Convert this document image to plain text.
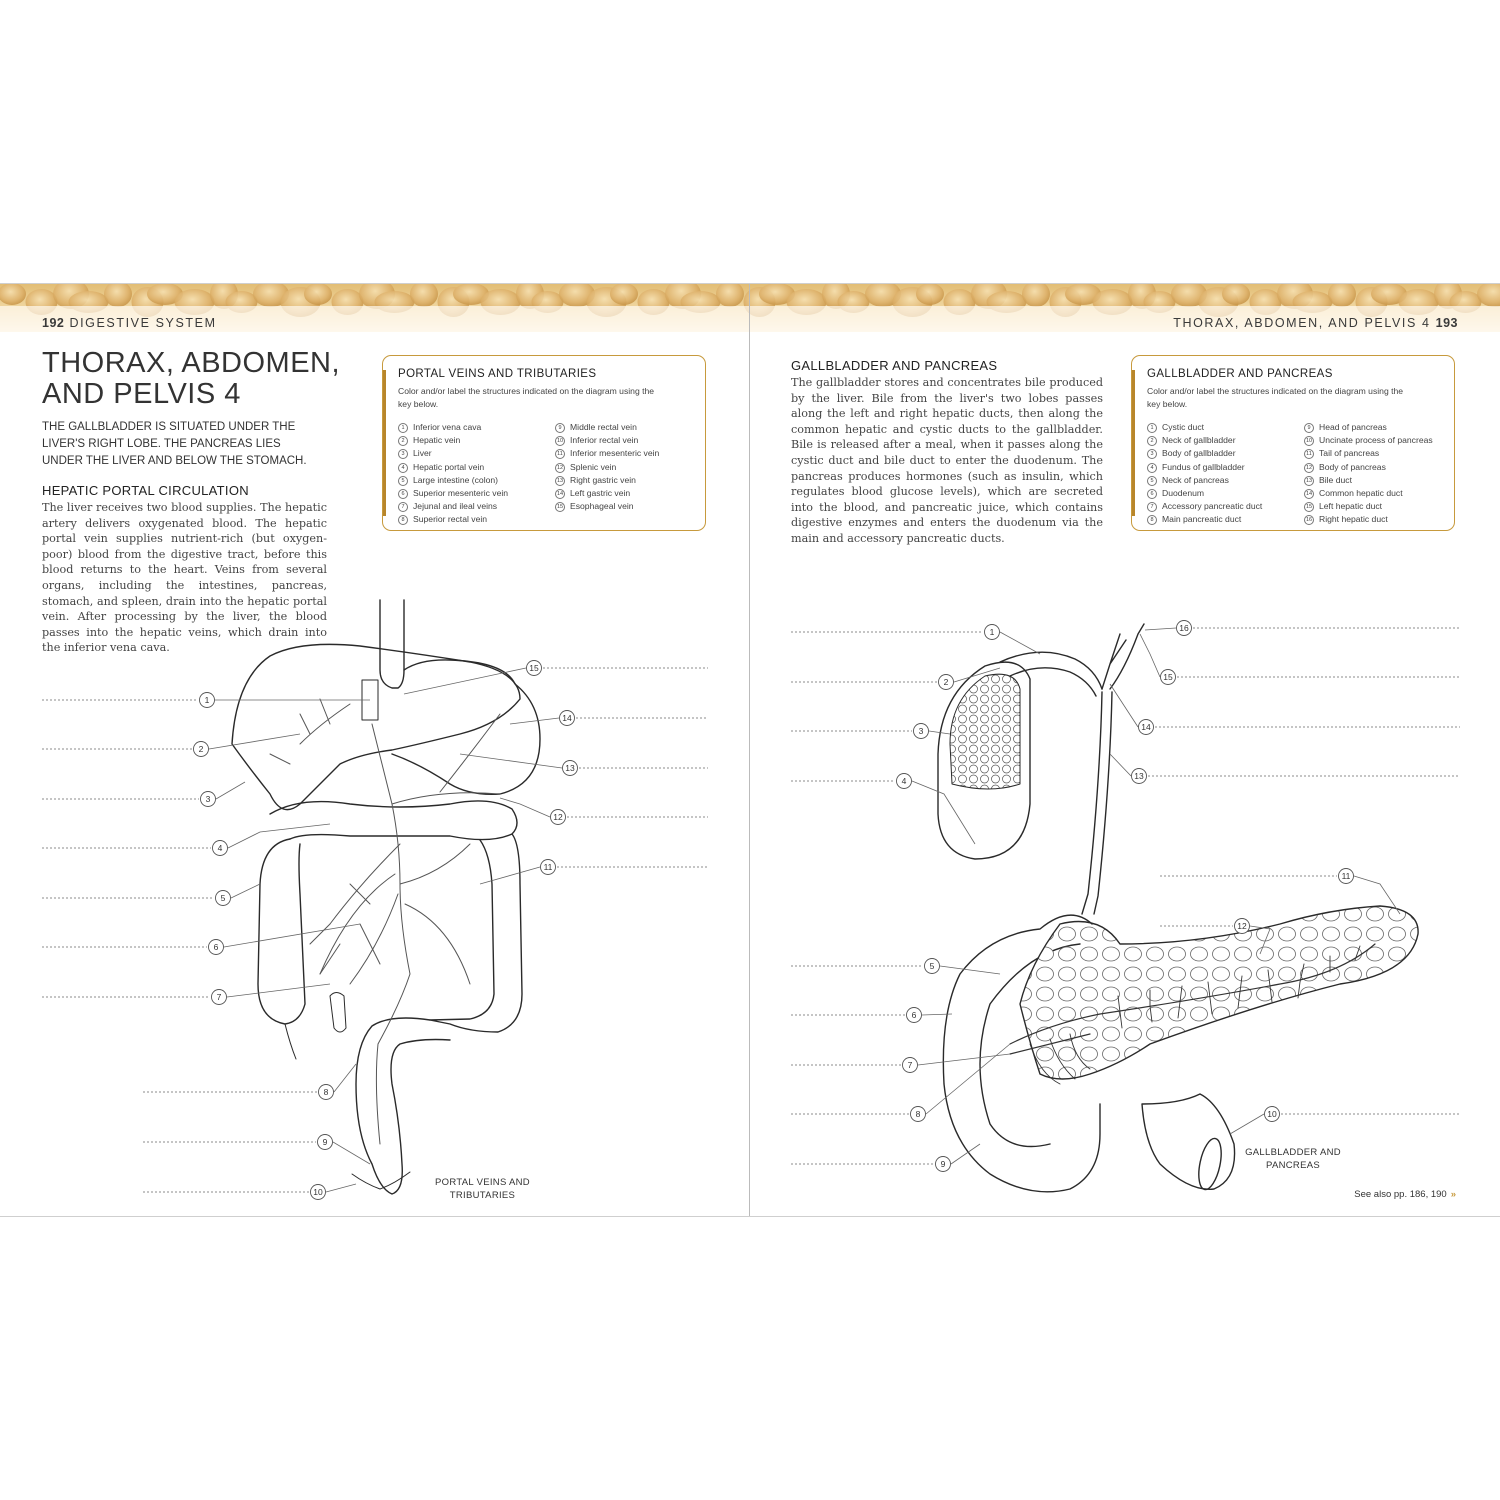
192 DIGESTIVE SYSTEM
THORAX, ABDOMEN, AND PELVIS 4
THE GALLBLADDER IS SITUATED UNDER THE LIVER'S RIGHT LOBE. THE PANCREAS LIES UNDER THE LIVER AND BELOW THE STOMACH.
HEPATIC PORTAL CIRCULATION
The liver receives two blood supplies. The hepatic artery delivers oxygenated blood. The hepatic portal vein supplies nutrient-rich (but oxygen-poor) blood from the digestive tract, before this blood returns to the heart. Veins from several organs, including the intestines, pancreas, stomach, and spleen, drain into the hepatic portal vein. After processing by the liver, the blood passes into the hepatic veins, which drain into the inferior vena cava.
PORTAL VEINS AND TRIBUTARIES
Color and/or label the structures indicated on the diagram using the key below.
1 Inferior vena cava
2 Hepatic vein
3 Liver
4 Hepatic portal vein
5 Large intestine (colon)
6 Superior mesenteric vein
7 Jejunal and ileal veins
8 Superior rectal vein
9 Middle rectal vein
10 Inferior rectal vein
11 Inferior mesenteric vein
12 Splenic vein
13 Right gastric vein
14 Left gastric vein
15 Esophageal vein
THORAX, ABDOMEN, AND PELVIS 4 193
GALLBLADDER AND PANCREAS
The gallbladder stores and concentrates bile produced by the liver. Bile from the liver's two lobes passes along the left and right hepatic ducts, then along the common hepatic and cystic ducts to the gallbladder. Bile is released after a meal, when it passes along the cystic duct and bile duct to enter the duodenum. The pancreas produces hormones (such as insulin, which regulates blood glucose levels), which are secreted into the blood, and pancreatic juice, which contains digestive enzymes and enters the duodenum via the main and accessory pancreatic ducts.
GALLBLADDER AND PANCREAS
Color and/or label the structures indicated on the diagram using the key below.
1 Cystic duct
2 Neck of gallbladder
3 Body of gallbladder
4 Fundus of gallbladder
5 Neck of pancreas
6 Duodenum
7 Accessory pancreatic duct
8 Main pancreatic duct
9 Head of pancreas
10 Uncinate process of pancreas
11 Tail of pancreas
12 Body of pancreas
13 Bile duct
14 Common hepatic duct
15 Left hepatic duct
16 Right hepatic duct
1
2
3
4
5
6
7
8
9
10
11
12
13
14
15
1
2
3
4
5
6
7
8
9
10
11
12
13
14
15
16
PORTAL VEINS AND TRIBUTARIES
GALLBLADDER AND PANCREAS
See also pp. 186, 190 »
